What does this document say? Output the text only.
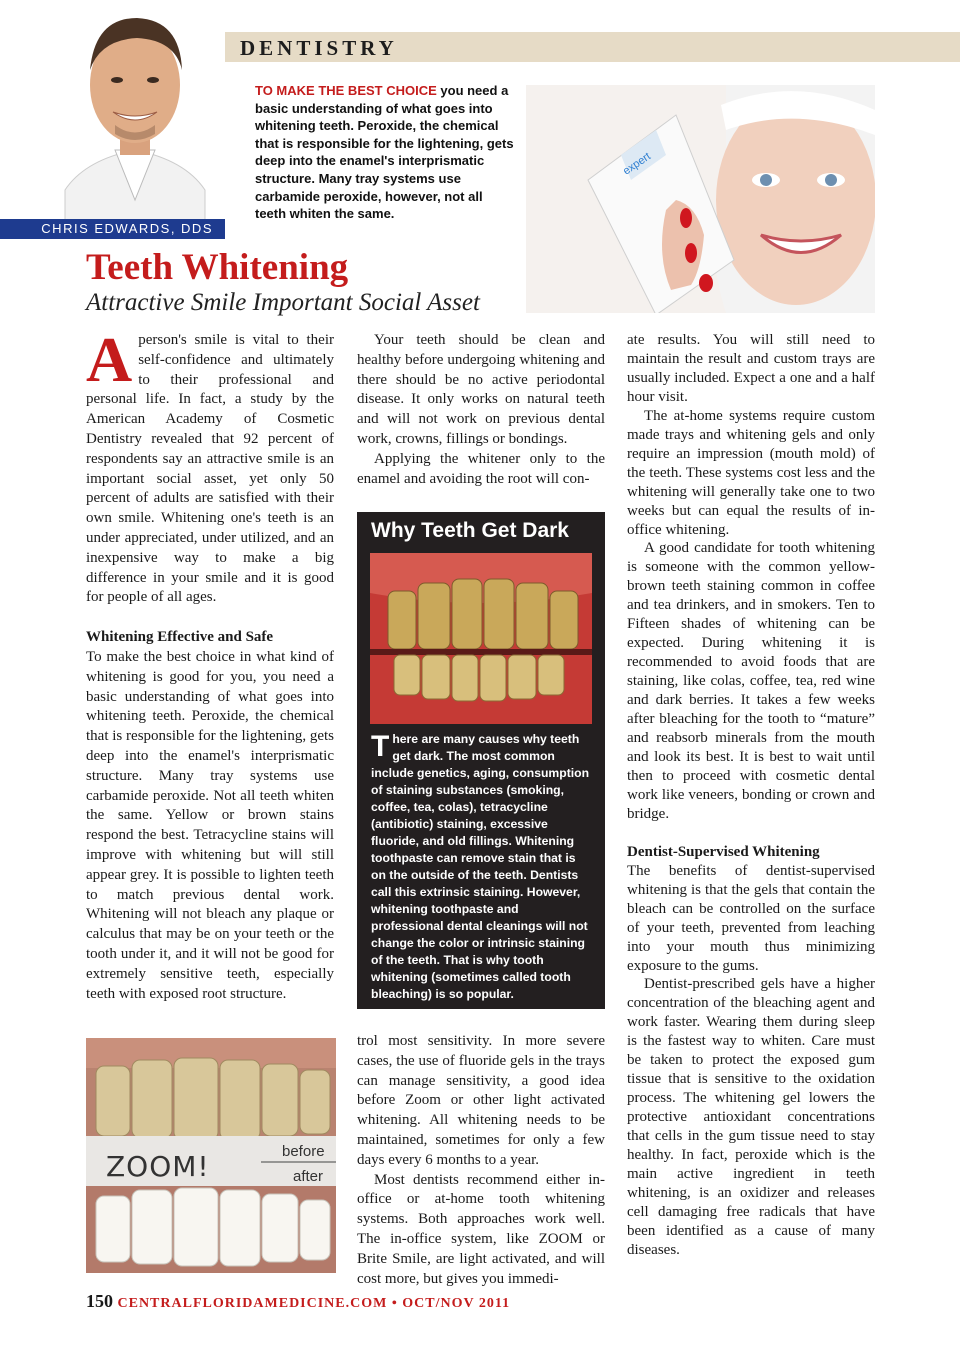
DENTISTRY
CHRIS EDWARDS, DDS
TO MAKE THE BEST CHOICE you need a basic understanding of what goes into whitening teeth. Peroxide, the chemical that is responsible for the lightening, gets deep into the enamel's interprismatic structure. Many tray systems use carbamide peroxide, however, not all teeth whiten the same.
expert
Teeth Whitening
Attractive Smile Important Social Asset

Aperson's smile is vital to their self-confidence and ultimately to their professional and personal life. In fact, a study by the American Academy of Cosmetic Dentistry revealed that 92 percent of respondents say an attractive smile is an important social asset, yet only 50 percent of adults are satisfied with their own smile. Whitening one's teeth is an under appreciated, under utilized, and an inexpensive way to make a big difference in your smile and it is good for people of all ages.

Whitening Effective and Safe

To make the best choice in what kind of whitening is good for you, you need a basic understanding of what goes into whitening teeth. Peroxide, the chemical that is responsible for the lightening, gets deep into the enamel's interprismatic structure. Many tray systems use carbamide peroxide. Not all teeth whiten the same. Yellow or brown stains respond the best. Tetracycline stains will improve with whitening but will still appear grey. It is possible to lighten teeth to match previous dental work. Whitening will not bleach any plaque or calculus that may be on your teeth or the tooth under it, and it will not be good for extremely sensitive teeth, especially teeth with exposed root structure.

ZOOM!	before
after

Your teeth should be clean and healthy before undergoing whitening and there should be no active periodontal disease. It only works on natural teeth and will not work on previous dental work, crowns, fillings or bondings.

Applying the whitener only to the enamel and avoiding the root will con-

Why Teeth Get Dark
There are many causes why teeth get dark. The most common include genetics, aging, consumption of staining substances (smoking, coffee, tea, colas), tetracycline (antibiotic) staining, excessive fluoride, and old fillings. Whitening toothpaste can remove stain that is on the outside of the teeth. Dentists call this extrinsic staining. However, whitening toothpaste and professional dental cleanings will not change the color or intrinsic staining of the teeth. That is why tooth whitening (sometimes called tooth bleaching) is so popular.

trol most sensitivity. In more severe cases, the use of fluoride gels in the trays can manage sensitivity, a good idea before Zoom or other light activated whitening. All whitening needs to be maintained, sometimes for only a few days every 6 months to a year.

Most dentists recommend either in-office or at-home tooth whitening systems. Both approaches work well. The in-office system, like ZOOM or Brite Smile, are light activated, and will cost more, but gives you immedi-

ate results. You will still need to maintain the result and custom trays are usually included. Expect a one and a half hour visit.

The at-home systems require custom made trays and whitening gels and only require an impression (mouth mold) of the teeth. These systems cost less and the whitening will generally take one to two weeks but can equal the results of in-office whitening.

A good candidate for tooth whitening is someone with the common yellow-brown teeth staining common in coffee and tea drinkers, and in smokers. Ten to Fifteen shades of whitening can be expected. During whitening it is recommended to avoid foods that are staining, like colas, coffee, tea, red wine and dark berries. It takes a few weeks after bleaching for the tooth to “mature” and reabsorb minerals from the mouth and look its best. It is best to wait until then to proceed with cosmetic dental work like veneers, bonding or crown and bridge.

Dentist-Supervised Whitening

The benefits of dentist-supervised whitening is that the gels that contain the bleach can be controlled on the surface of your teeth, prevented from leaching into your mouth thus minimizing exposure to the gums.

Dentist-prescribed gels have a higher concentration of the bleaching agent and work faster. Wearing them during sleep is the fastest way to whiten. Care must be taken to protect the exposed gum tissue that is sensitive to the oxidation process. The whitening gel lowers the protective antioxidant concentrations that cells in the gum tissue need to stay healthy. In fact, peroxide which is the main active ingredient in teeth whitening, is an oxidizer and releases cell damaging free radicals that have been identified as a cause of many diseases.

150 CENTRALFLORIDAMEDICINE.COM • OCT/NOV 2011
